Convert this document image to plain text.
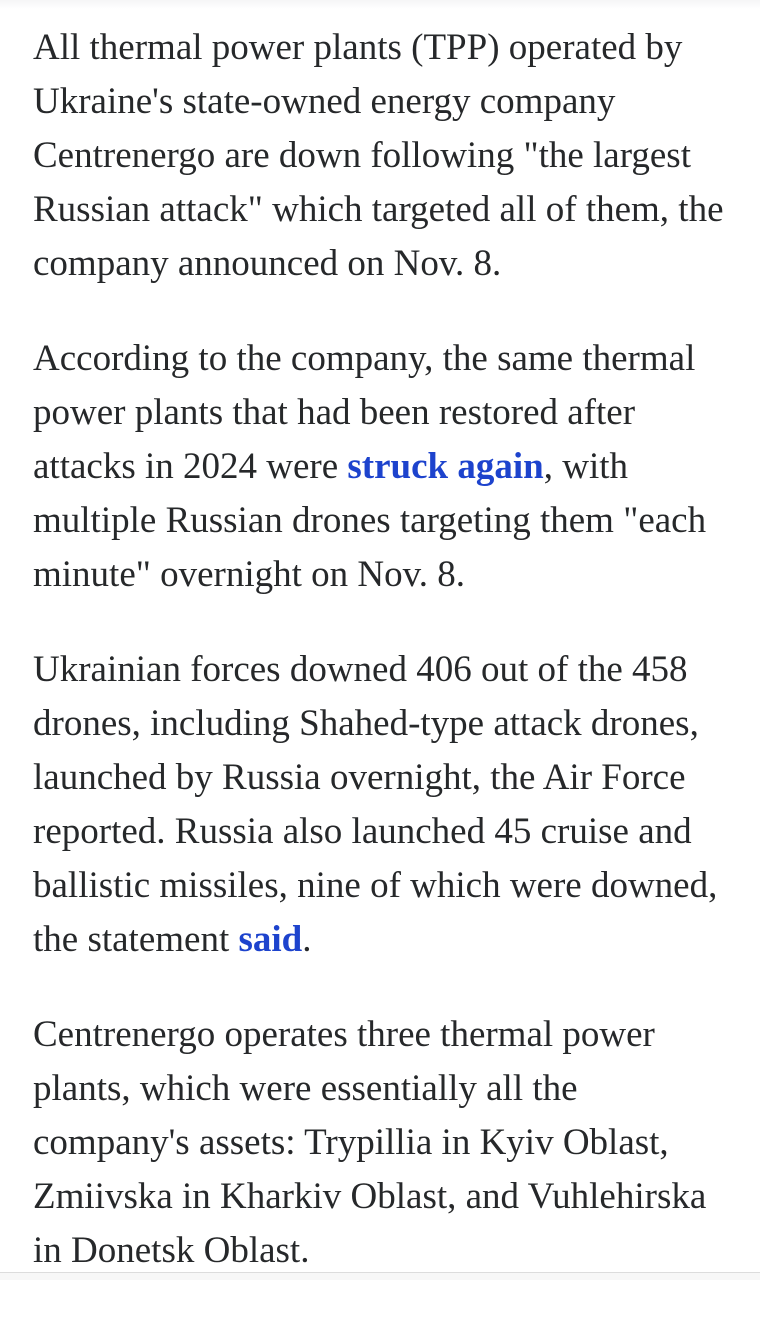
All thermal power plants (TPP) operated by Ukraine's state-owned energy company Centrenergo are down following "the largest Russian attack" which targeted all of them, the company announced on Nov. 8.

According to the company, the same thermal power plants that had been restored after attacks in 2024 were struck again, with multiple Russian drones targeting them "each minute" overnight on Nov. 8.

Ukrainian forces downed 406 out of the 458 drones, including Shahed-type attack drones, launched by Russia overnight, the Air Force reported. Russia also launched 45 cruise and ballistic missiles, nine of which were downed, the statement said.

Centrenergo operates three thermal power plants, which were essentially all the company's assets: Trypillia in Kyiv Oblast, Zmiivska in Kharkiv Oblast, and Vuhlehirska in Donetsk Oblast.
